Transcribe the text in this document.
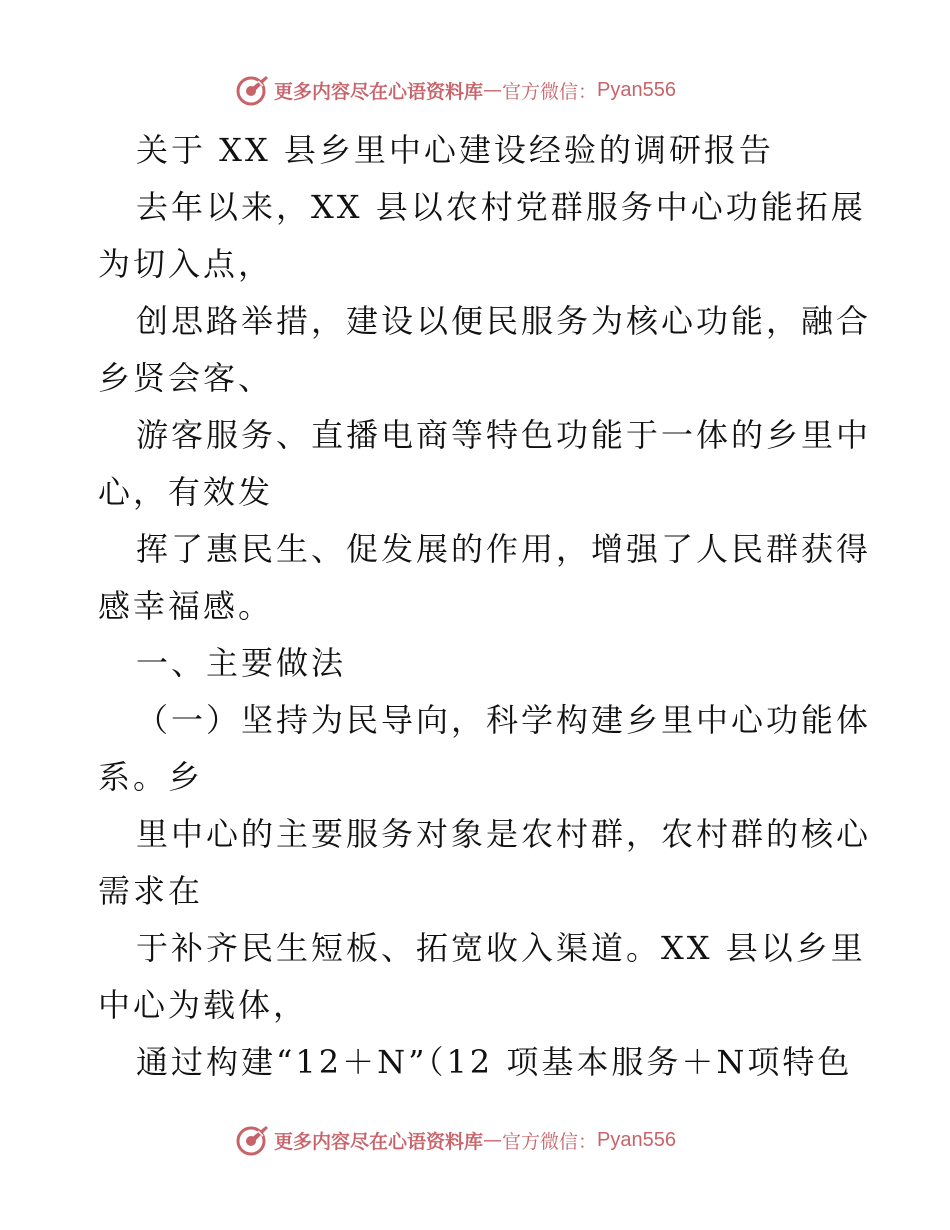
更多内容尽在心语资料库 — 官方微信： Pyan556
关于 XX 县乡里中心建设经验的调研报告
去年以来，XX 县以农村党群服务中心功能拓展
为切入点，
创思路举措，建设以便民服务为核心功能，融合
乡贤会客、
游客服务、直播电商等特色功能于一体的乡里中
心，有效发
挥了惠民生、促发展的作用，增强了人民群获得
感幸福感。
一、主要做法
（一）坚持为民导向，科学构建乡里中心功能体
系。乡
里中心的主要服务对象是农村群，农村群的核心
需求在
于补齐民生短板、拓宽收入渠道。XX 县以乡里
中心为载体，
通过构建“12＋N”（12 项基本服务＋N项特色
更多内容尽在心语资料库 — 官方微信： Pyan556
